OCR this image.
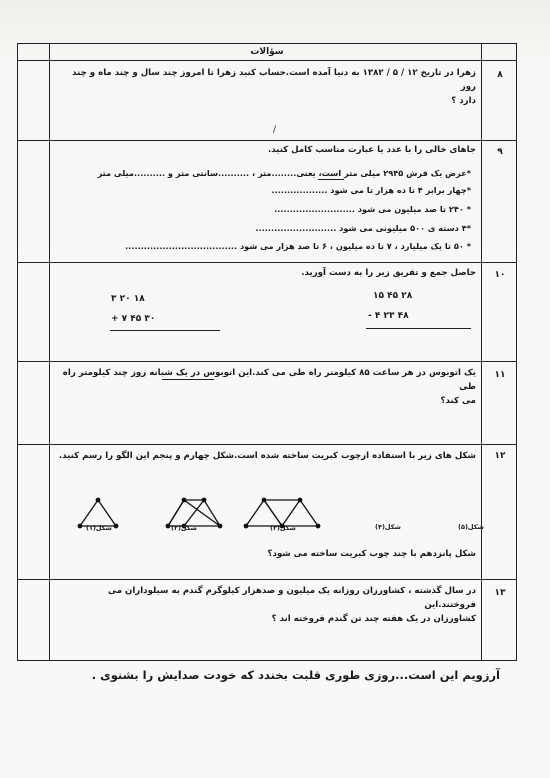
سؤالات
۸
زهرا در تاریخ ۱۲ / ۵ / ۱۳۸۲ به دنیا آمده است.حساب کنید زهرا تا امروز چند سال و چند ماه و چند روز
دارد ؟
/
۹
جاهای خالی را با عدد یا عبارت مناسب کامل کنید.
*عرض یک فرش ۲۹۴۵ میلی متر است، یعنی........متر ، ..........سانتی متر و ..........میلی متر
*چهار برابر ۴ تا ده هزار تا می شود ..................
* ۲۴۰ تا صد میلیون می شود ..........................
*۴ دسته ی ۵۰۰ میلیونی می شود ..........................
* ۵۰ تا یک میلیارد ، ۷ تا ده میلیون ، ۶ تا صد هزار می شود ....................................
۱۰
حاصل جمع و تفریق زیر را به دست آورید.
۳ ۲۰ ۱۸
+ ۷ ۴۵ ۳۰
۱۵ ۴۵ ۲۸
- ۴ ۲۳ ۴۸
۱۱
یک اتوبوس در هر ساعت ۸۵ کیلومتر راه طی می کند.این اتوبوس در یک شبانه روز چند کیلومتر راه طی
می کند؟
۱۲
شکل های زیر با استفاده ازچوب کبریت ساخته شده است.شکل چهارم و پنجم این الگو را رسم کنید.
شکل(۱)	شکل(۲)	شکل(۳)	شکل(۴)	شکل(۵)
شکل پانزدهم با چند چوب کبریت ساخته می شود؟
۱۳
در سال گذشته ، کشاورزان روزانه یک میلیون و صدهزار کیلوگرم گندم به سیلوداران می فروختند.این
کشاورزان در یک هفته چند تن گندم فروخته اند ؟
آرزویم این است...روزی طوری قلبت بخندد که خودت صدایش را بشنوی .
